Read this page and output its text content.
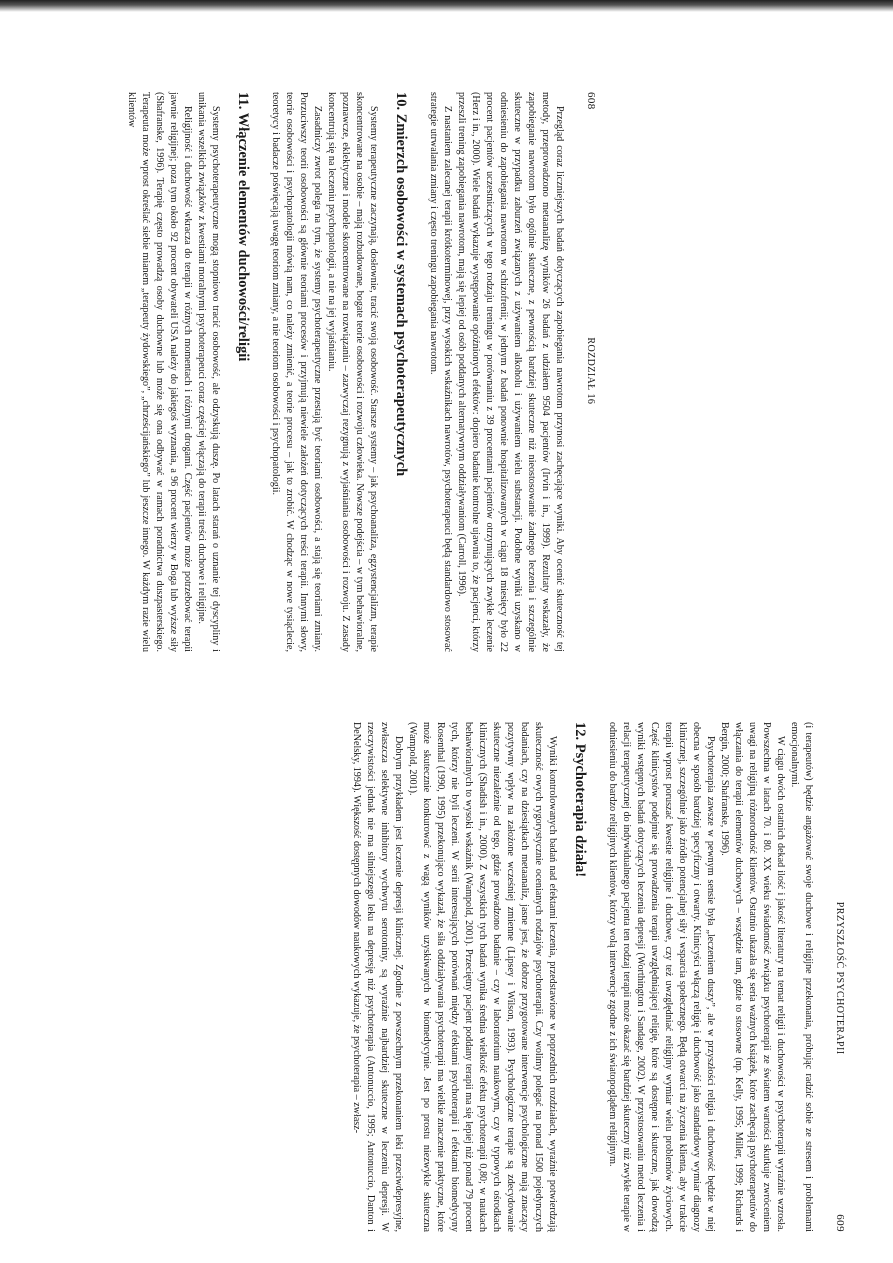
608
ROZDZIAŁ 16

Przegląd coraz liczniejszych badań dotyczących zapobiegania nawrotom przynosi zachęcające wyniki. Aby ocenić skuteczność tej metody, przeprowadzono metaanalizę wyników 26 badań z udziałem 9504 pacjentów (Irvin i in., 1999). Rezultaty wskazały, że zapobieganie nawrotom było ogólnie skuteczne, z pewnością bardziej skuteczne niż nieostosowanie żadnego leczenia i szczególnie skuteczne w przypadku zaburzeń związanych z używaniem alkoholu i używaniem wielu substancji. Podobne wyniki uzyskano w odniesieniu do zapobiegania nawrotom w schizofrenii; w jednym z badań ponownie hospitalizowanych w ciągu 18 miesięcy było 22 procent pacjentów uczestniczących w tego rodzaju treningu w porównaniu z 39 procentami pacjentów otrzymujących zwykłe leczenie (Herz i in., 2000). Wiele badań wykazuje występowanie opóźnionych efektów: dopiero badanie kontrolne ujawnia to, że pacjenci, którzy przeszli trening zapobiegania nawrotom, mają się lepiej od osób poddanych alternatywnym oddziaływaniom (Carroll, 1996).

Z nastaniem zalecanej terapii krótkoterminowej, przy wysokich wskaźnikach nawrotów, psychoterapeuci będą standardowo stosować strategie utrwalania zmiany i często treningu zapobiegania nawrotom.

10. Zmierzch osobowości w systemach psychoterapeutycznych

Systemy terapeutyczne zaczynają, dosłownie, tracić swoją osobowość. Starsze systemy – jak psychoanaliza, egzystencjalizm, terapie skoncentrowane na osobie – mają rozbudowane, bogate teorie osobowości i rozwoju człowieka. Nowsze podejścia – w tym behawioralne, poznawcze, eklektyczne i modele skoncentrowane na rozwiązaniu – zazwyczaj rezygnują z wyjaśniania osobowości i rozwoju. Z zasady koncentrują się na leczeniu psychopatologii, a nie na jej wyjaśnianiu.

Zasadniczy zwrot polega na tym, że systemy psychoterapeutyczne przestają być teoriami osobowości, a stają się teoriami zmiany. Porzuciwszy teorii osobowości są głównie teoriami procesów i przyjmują niewiele założeń dotyczących treści terapii. Innymi słowy, teorie osobowości i psychopatologii mówią nam, co należy zmienić, a teorie procesu – jak to zrobić. W chodząc w nowe tysiąclecie, teoretycy i badacze poświęcają uwagę teoriom zmiany, a nie teoriom osobowości i psychopatologii.

11. Włączenie elementów duchowości/religii

Systemy psychoterapeutyczne mogą stopniowo tracić osobowość, ale odzyskują duszę. Po latach starań o uznanie tej dyscypliny i unikania wszelkich związków z kwestiami moralnymi psychoterapeuci coraz częściej włączają do terapii treści duchowe i religijne.

Religijność i duchowość wkracza do terapii w różnych momentach i różnymi drogami. Część pacjentów może potrzebować terapii jawnie religijnej; poza tym około 92 procent obywateli USA należy do jakiegoś wyznania, a 96 procent wierzy w Boga lub wyższe siły (Shafranske, 1996). Terapię często prowadzą osoby duchowne lub może się ona odbywać w ramach poradnictwa duszpasterskiego. Terapeuta może wprost określać siebie mianem „terapeuty żydowskiego”, „chrześcijańskiego” lub jeszcze innego. W każdym razie wielu klientów

PRZYSZŁOŚĆ PSYCHOTERAPII
609

(i terapeutów) będzie angażować swoje duchowe i religijne przekonania, próbując radzić sobie ze stresem i problemami emocjonalnymi.

W ciągu dwóch ostatnich dekad ilość i jakość literatury na temat religii i duchowości w psychoterapii wyraźnie wzrosła. Powszechna w latach 70. i 80. XX wieku świadomość związku psychoterapii ze światem wartości skutkuje zwróceniem uwagi na religijną różnorodność klientów. Ostatnio ukazała się seria ważnych książek, które zachęcają psychoterapeutów do włączania do terapii elementów duchowych – wszędzie tam, gdzie to stosowne (np. Kelly, 1995; Miller, 1999; Richards i Bergin, 2000; Shafranske, 1996).

Psychoterapia zawsze w pewnym sensie była „leczeniem duszy”, ale w przyszłości religia i duchowość będzie w niej obecna w sposób bardziej specyficzny i otwarty. Klinicyści włączą religię i duchowość jako standardowy wymiar diagnozy klinicznej, szczególnie jako źródło potencjalnej siły i wsparcia społecznego. Będą otwarci na życzenia klienta, aby w trakcie terapii wprost poruszać kwestie religijne i duchowe, czy też uwzględniać religijny wymiar wielu problemów życiowych. Część klinicystów podejmie się prowadzenia terapii uwzględniającej religię, które są dostępne i skuteczne, jak dowodzą wyniki wstępnych badań dotyczących leczenia depresji (Worthington i Sandage, 2002). W przystosowaniu metod leczenia i relacji terapeutycznej do indywidualnego pacjenta ten rodzaj terapii może okazać się bardziej skuteczny niż zwykłe terapie w odniesieniu do bardzo religijnych klientów, którzy wolą interwencje zgodne z ich światopoglądem religijnym.

12. Psychoterapia działa!

Wyniki kontrolowanych badań nad efektami leczenia, przedstawione w poprzednich rozdziałach, wyraźnie potwierdzają skuteczność owych rygorystycznie ocenianych rodzajów psychoterapii. Czy wolimy polegać na ponad 1500 pojedynczych badaniach, czy na dziesiątkach metaanaliz, jasne jest, że dobrze przygotowane interwencje psychologiczne mają znaczący pozytywny wpływ na założone wcześniej zmienne (Lipsey i Wilson, 1993). Psychologiczne terapie są zdecydowanie skuteczne niezależnie od tego, gdzie prowadzono badanie – czy w laboratorium naukowym, czy w typowych ośrodkach klinicznych (Shadish i in., 2000). Z wszystkich tych badań wynika średnia wielkość efektu psychoterapii 0,80; w naukach behawioralnych to wysoki wskaźnik (Wampold, 2001). Przeciętny pacjent poddany terapii ma się lepiej niż ponad 79 procent tych, którzy nie byli leczeni. W serii interesujących porównań między efektami psychoterapii i efektami biomedycyny Rosenthal (1990, 1995) przekonująco wykazał, że siła oddziaływania psychoterapii ma wielkie znaczenie praktyczne, które może skutecznie konkurować z wagą wyników uzyskiwanych w biomedycynie. Jest po prostu niezwykle skuteczna (Wampold, 2001).

Dobrym przykładem jest leczenie depresji klinicznej. Zgodnie z powszechnym przekonaniem leki przeciwdepresyjne, zwłaszcza selektywne inhibitory wychwytu serotoniny, są wyraźnie najbardziej skuteczne w leczeniu depresji. W rzeczywistości jednak nie ma silniejszego leku na depresję niż psychoterapia (Antonuccio, 1995; Antonuccio, Danton i DeNelsky, 1994). Większość dostępnych dowodów naukowych wykazuje, że psychoterapia – zwłasz-
